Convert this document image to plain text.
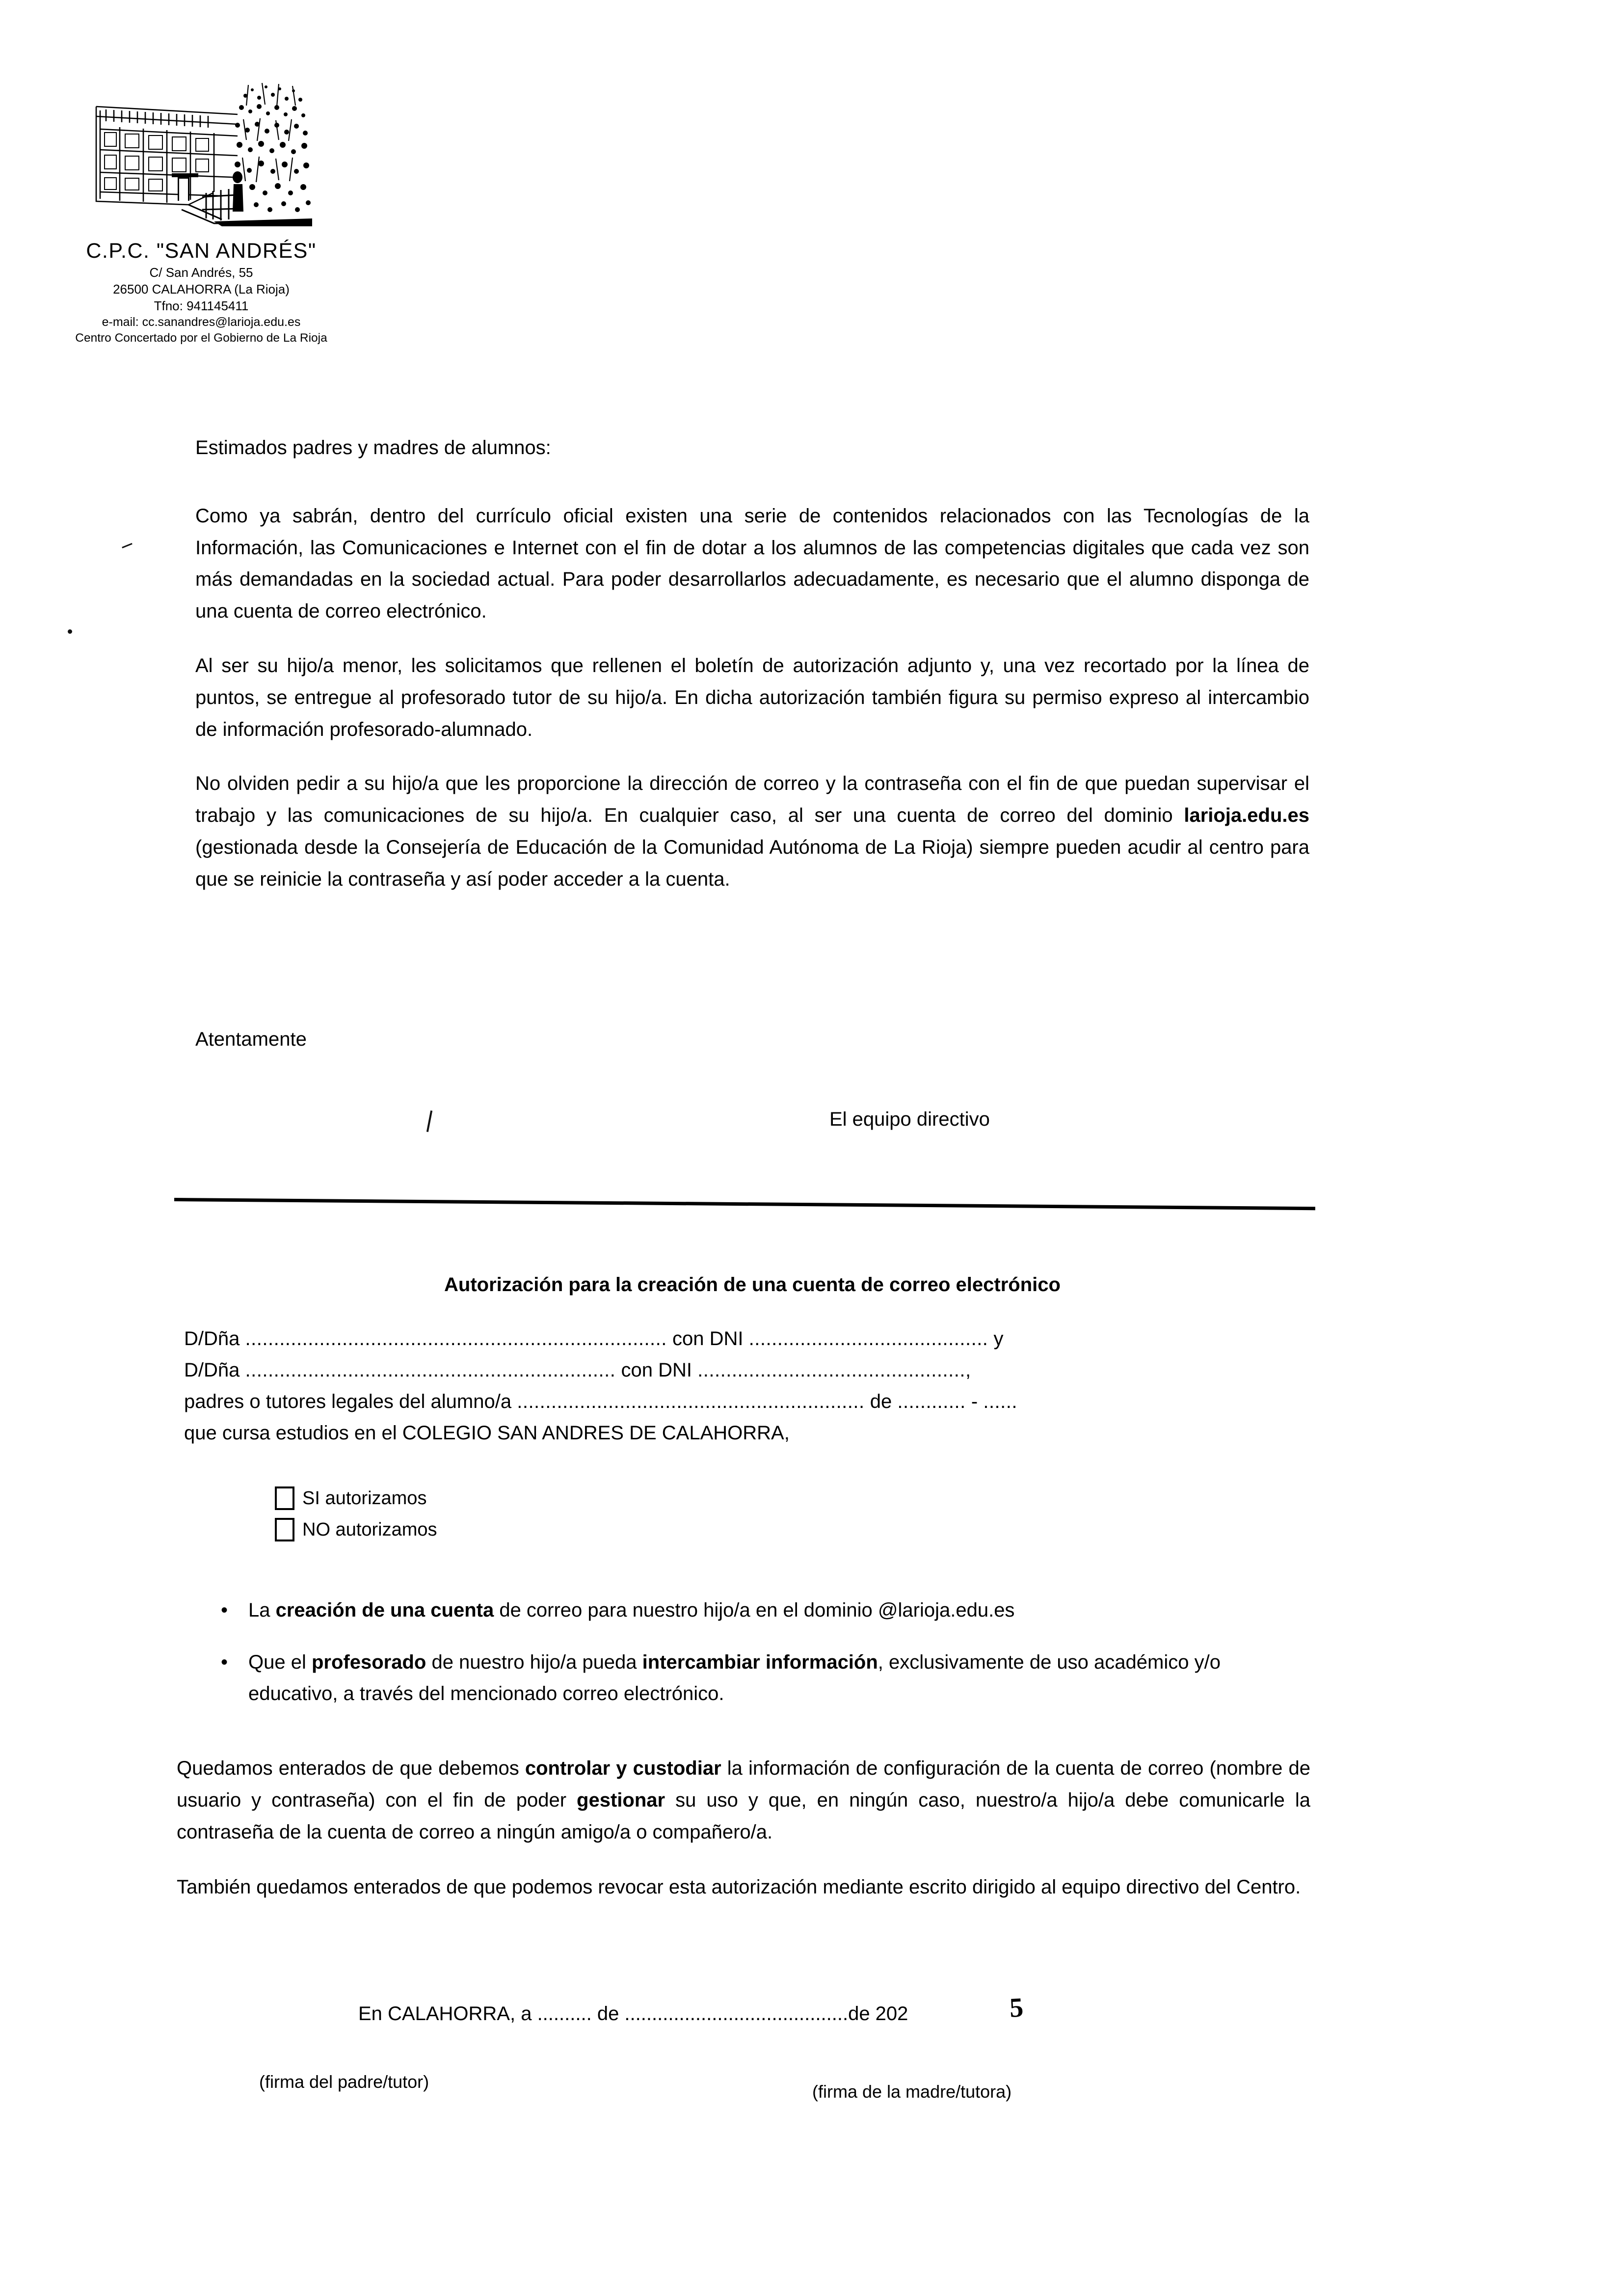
C.P.C. "SAN ANDRÉS"
C/ San Andrés, 55
26500 CALAHORRA (La Rioja)
Tfno: 941145411
e-mail: cc.sanandres@larioja.edu.es
Centro Concertado por el Gobierno de La Rioja
Estimados padres y madres de alumnos:
Como ya sabrán, dentro del currículo oficial existen una serie de contenidos relacionados con las Tecnologías de la Información, las Comunicaciones e Internet con el fin de dotar a los alumnos de las competencias digitales que cada vez son más demandadas en la sociedad actual. Para poder desarrollarlos adecuadamente, es necesario que el alumno disponga de una cuenta de correo electrónico.
Al ser su hijo/a menor, les solicitamos que rellenen el boletín de autorización adjunto y, una vez recortado por la línea de puntos, se entregue al profesorado tutor de su hijo/a. En dicha autorización también figura su permiso expreso al intercambio de información profesorado-alumnado.
No olviden pedir a su hijo/a que les proporcione la dirección de correo y la contraseña con el fin de que puedan supervisar el trabajo y las comunicaciones de su hijo/a. En cualquier caso, al ser una cuenta de correo del dominio larioja.edu.es (gestionada desde la Consejería de Educación de la Comunidad Autónoma de La Rioja) siempre pueden acudir al centro para que se reinicie la contraseña y así poder acceder a la cuenta.
Atentamente
El equipo directivo
Autorización para la creación de una cuenta de correo electrónico
D/Dña .......................................................................... con DNI .......................................... y
D/Dña ................................................................. con DNI ...............................................,
padres o tutores legales del alumno/a ............................................................. de ............ - ......
que cursa estudios en el COLEGIO SAN ANDRES DE CALAHORRA,
SI autorizamos
NO autorizamos
•	La creación de una cuenta de correo para nuestro hijo/a en el dominio @larioja.edu.es
•	Que el profesorado de nuestro hijo/a pueda intercambiar información, exclusivamente de uso académico y/o educativo, a través del mencionado correo electrónico.
Quedamos enterados de que debemos controlar y custodiar la información de configuración de la cuenta de correo (nombre de usuario y contraseña) con el fin de poder gestionar su uso y que, en ningún caso, nuestro/a hijo/a debe comunicarle la contraseña de la cuenta de correo a ningún amigo/a o compañero/a.
También quedamos enterados de que podemos revocar esta autorización mediante escrito dirigido al equipo directivo del Centro.
En CALAHORRA, a .......... de .........................................de 202	5
(firma del padre/tutor)	(firma de la madre/tutora)
